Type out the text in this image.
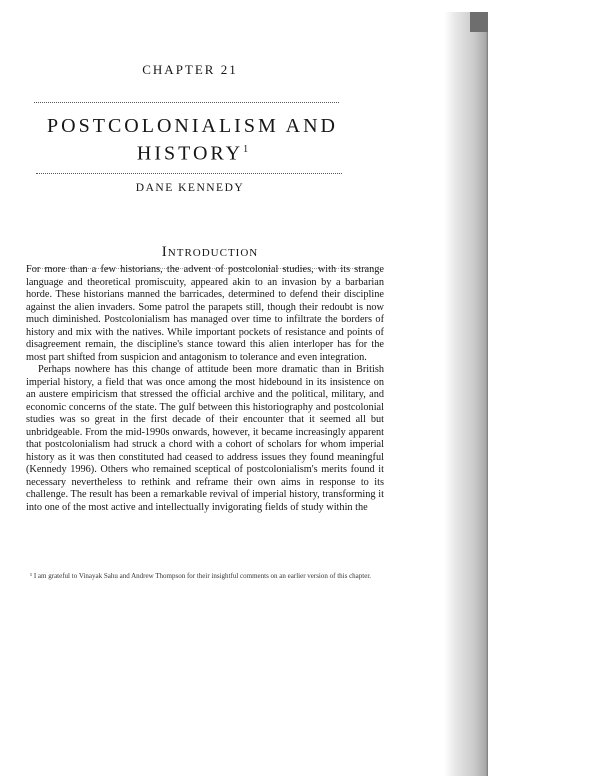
CHAPTER 21
POSTCOLONIALISM AND
HISTORY$^1$
DANE KENNEDY
Introduction

For more than a few historians, the advent of postcolonial studies, with its strange language and theoretical promiscuity, appeared akin to an invasion by a barbarian horde. These historians manned the barricades, determined to defend their discipline against the alien invaders. Some patrol the parapets still, though their redoubt is now much diminished. Postcolonialism has managed over time to infiltrate the borders of history and mix with the natives. While important pockets of resistance and points of disagreement remain, the discipline's stance toward this alien interloper has for the most part shifted from suspicion and antagonism to tolerance and even integration.

Perhaps nowhere has this change of attitude been more dramatic than in British imperial history, a field that was once among the most hidebound in its insistence on an austere empiricism that stressed the official archive and the political, military, and economic concerns of the state. The gulf between this historiography and postcolonial studies was so great in the first decade of their encounter that it seemed all but unbridgeable. From the mid-1990s onwards, however, it became increasingly apparent that postcolonialism had struck a chord with a cohort of scholars for whom imperial history as it was then constituted had ceased to address issues they found meaningful (Kennedy 1996). Others who remained sceptical of postcolonialism's merits found it necessary nevertheless to rethink and reframe their own aims in response to its challenge. The result has been a remarkable revival of imperial history, transforming it into one of the most active and intellectually invigorating fields of study within the

¹ I am grateful to Vinayak Sahu and Andrew Thompson for their insightful comments on an earlier version of this chapter.
